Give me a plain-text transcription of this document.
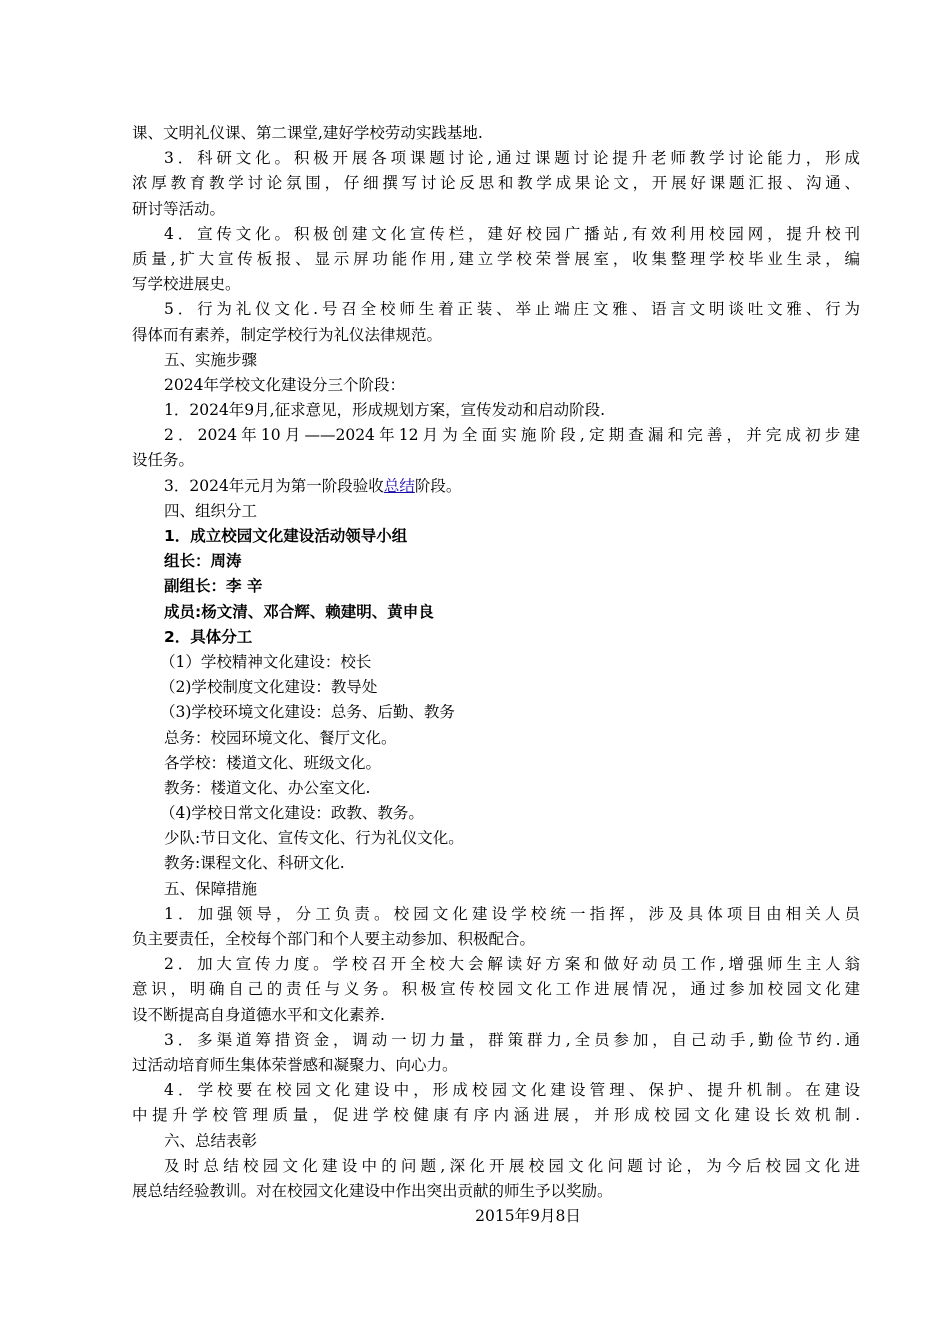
课、文明礼仪课、第二课堂,建好学校劳动实践基地.
3．科研文化。积极开展各项课题讨论,通过课题讨论提升老师教学讨论能力，形成
浓厚教育教学讨论氛围，仔细撰写讨论反思和教学成果论文，开展好课题汇报、沟通、
研讨等活动。
4．宣传文化。积极创建文化宣传栏，建好校园广播站,有效利用校园网，提升校刊
质量,扩大宣传板报、显示屏功能作用,建立学校荣誉展室，收集整理学校毕业生录，编
写学校进展史。
5．行为礼仪文化.号召全校师生着正装、举止端庄文雅、语言文明谈吐文雅、行为
得体而有素养，制定学校行为礼仪法律规范。
五、实施步骤
2024年学校文化建设分三个阶段：
1．2024年9月,征求意见，形成规划方案，宣传发动和启动阶段.
2．2024年10月——2024年12月为全面实施阶段,定期查漏和完善，并完成初步建
设任务。
3．2024年元月为第一阶段验收总结阶段。
四、组织分工
1．成立校园文化建设活动领导小组
组长：周涛
副组长：李 辛
成员:杨文清、邓合辉、赖建明、黄申良
2．具体分工
（1）学校精神文化建设：校长
（2)学校制度文化建设：教导处
（3)学校环境文化建设：总务、后勤、教务
总务：校园环境文化、餐厅文化。
各学校：楼道文化、班级文化。
教务：楼道文化、办公室文化.
（4)学校日常文化建设：政教、教务。
少队:节日文化、宣传文化、行为礼仪文化。
教务:课程文化、科研文化.
五、保障措施
1．加强领导，分工负责。校园文化建设学校统一指挥，涉及具体项目由相关人员
负主要责任，全校每个部门和个人要主动参加、积极配合。
2．加大宣传力度。学校召开全校大会解读好方案和做好动员工作,增强师生主人翁
意识，明确自己的责任与义务。积极宣传校园文化工作进展情况，通过参加校园文化建
设不断提高自身道德水平和文化素养.
3．多渠道筹措资金，调动一切力量，群策群力,全员参加，自己动手,勤俭节约.通
过活动培育师生集体荣誉感和凝聚力、向心力。
4．学校要在校园文化建设中，形成校园文化建设管理、保护、提升机制。在建设
中提升学校管理质量，促进学校健康有序内涵进展，并形成校园文化建设长效机制.
六、总结表彰
及时总结校园文化建设中的问题,深化开展校园文化问题讨论，为今后校园文化进
展总结经验教训。对在校园文化建设中作出突出贡献的师生予以奖励。
2015年9月8日
